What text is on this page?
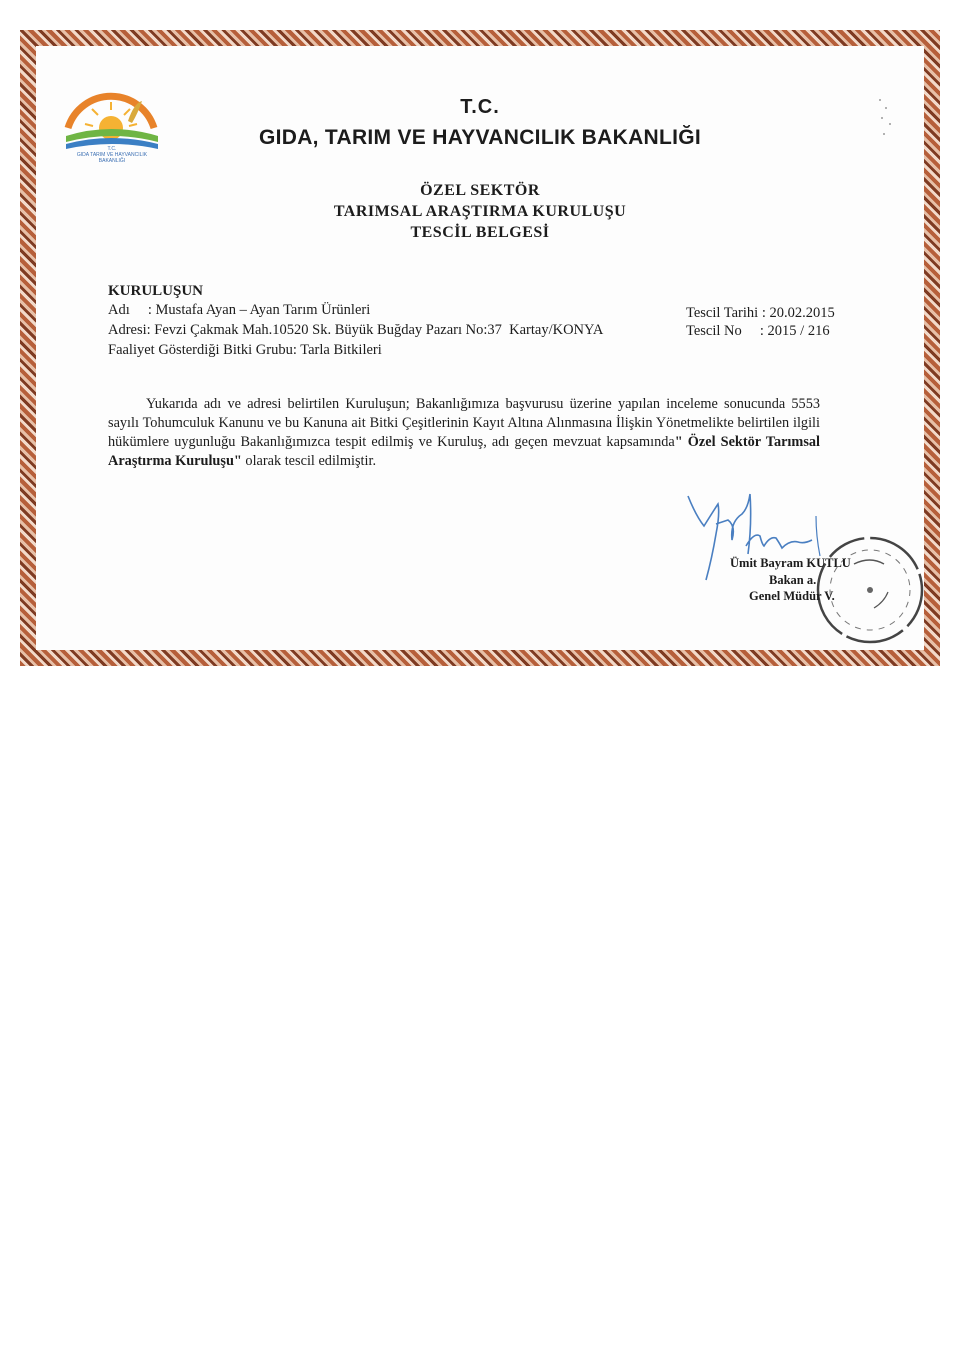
T.C.
GIDA TARIM VE HAYVANCILIK
BAKANLIĞI
T.C.
GIDA, TARIM VE HAYVANCILIK BAKANLIĞI
ÖZEL SEKTÖR
TARIMSAL ARAŞTIRMA KURULUŞU
TESCİL BELGESİ
KURULUŞUN
Adı     : Mustafa Ayan – Ayan Tarım Ürünleri
Adresi: Fevzi Çakmak Mah.10520 Sk. Büyük Buğday Pazarı No:37  Kartay/KONYA
Faaliyet Gösterdiği Bitki Grubu: Tarla Bitkileri
Tescil Tarihi : 20.02.2015
Tescil No     : 2015 / 216
Yukarıda adı ve adresi belirtilen Kuruluşun; Bakanlığımıza başvurusu üzerine yapılan inceleme sonucunda 5553 sayılı Tohumculuk Kanunu ve bu Kanuna ait Bitki Çeşitlerinin Kayıt Altına Alınmasına İlişkin Yönetmelikte belirtilen ilgili hükümlere uygunluğu Bakanlığımızca tespit edilmiş ve Kuruluş, adı geçen mevzuat kapsamında" Özel Sektör Tarımsal Araştırma Kuruluşu" olarak tescil edilmiştir.
Ümit Bayram KUTLU
Bakan a.
Genel Müdür V.
